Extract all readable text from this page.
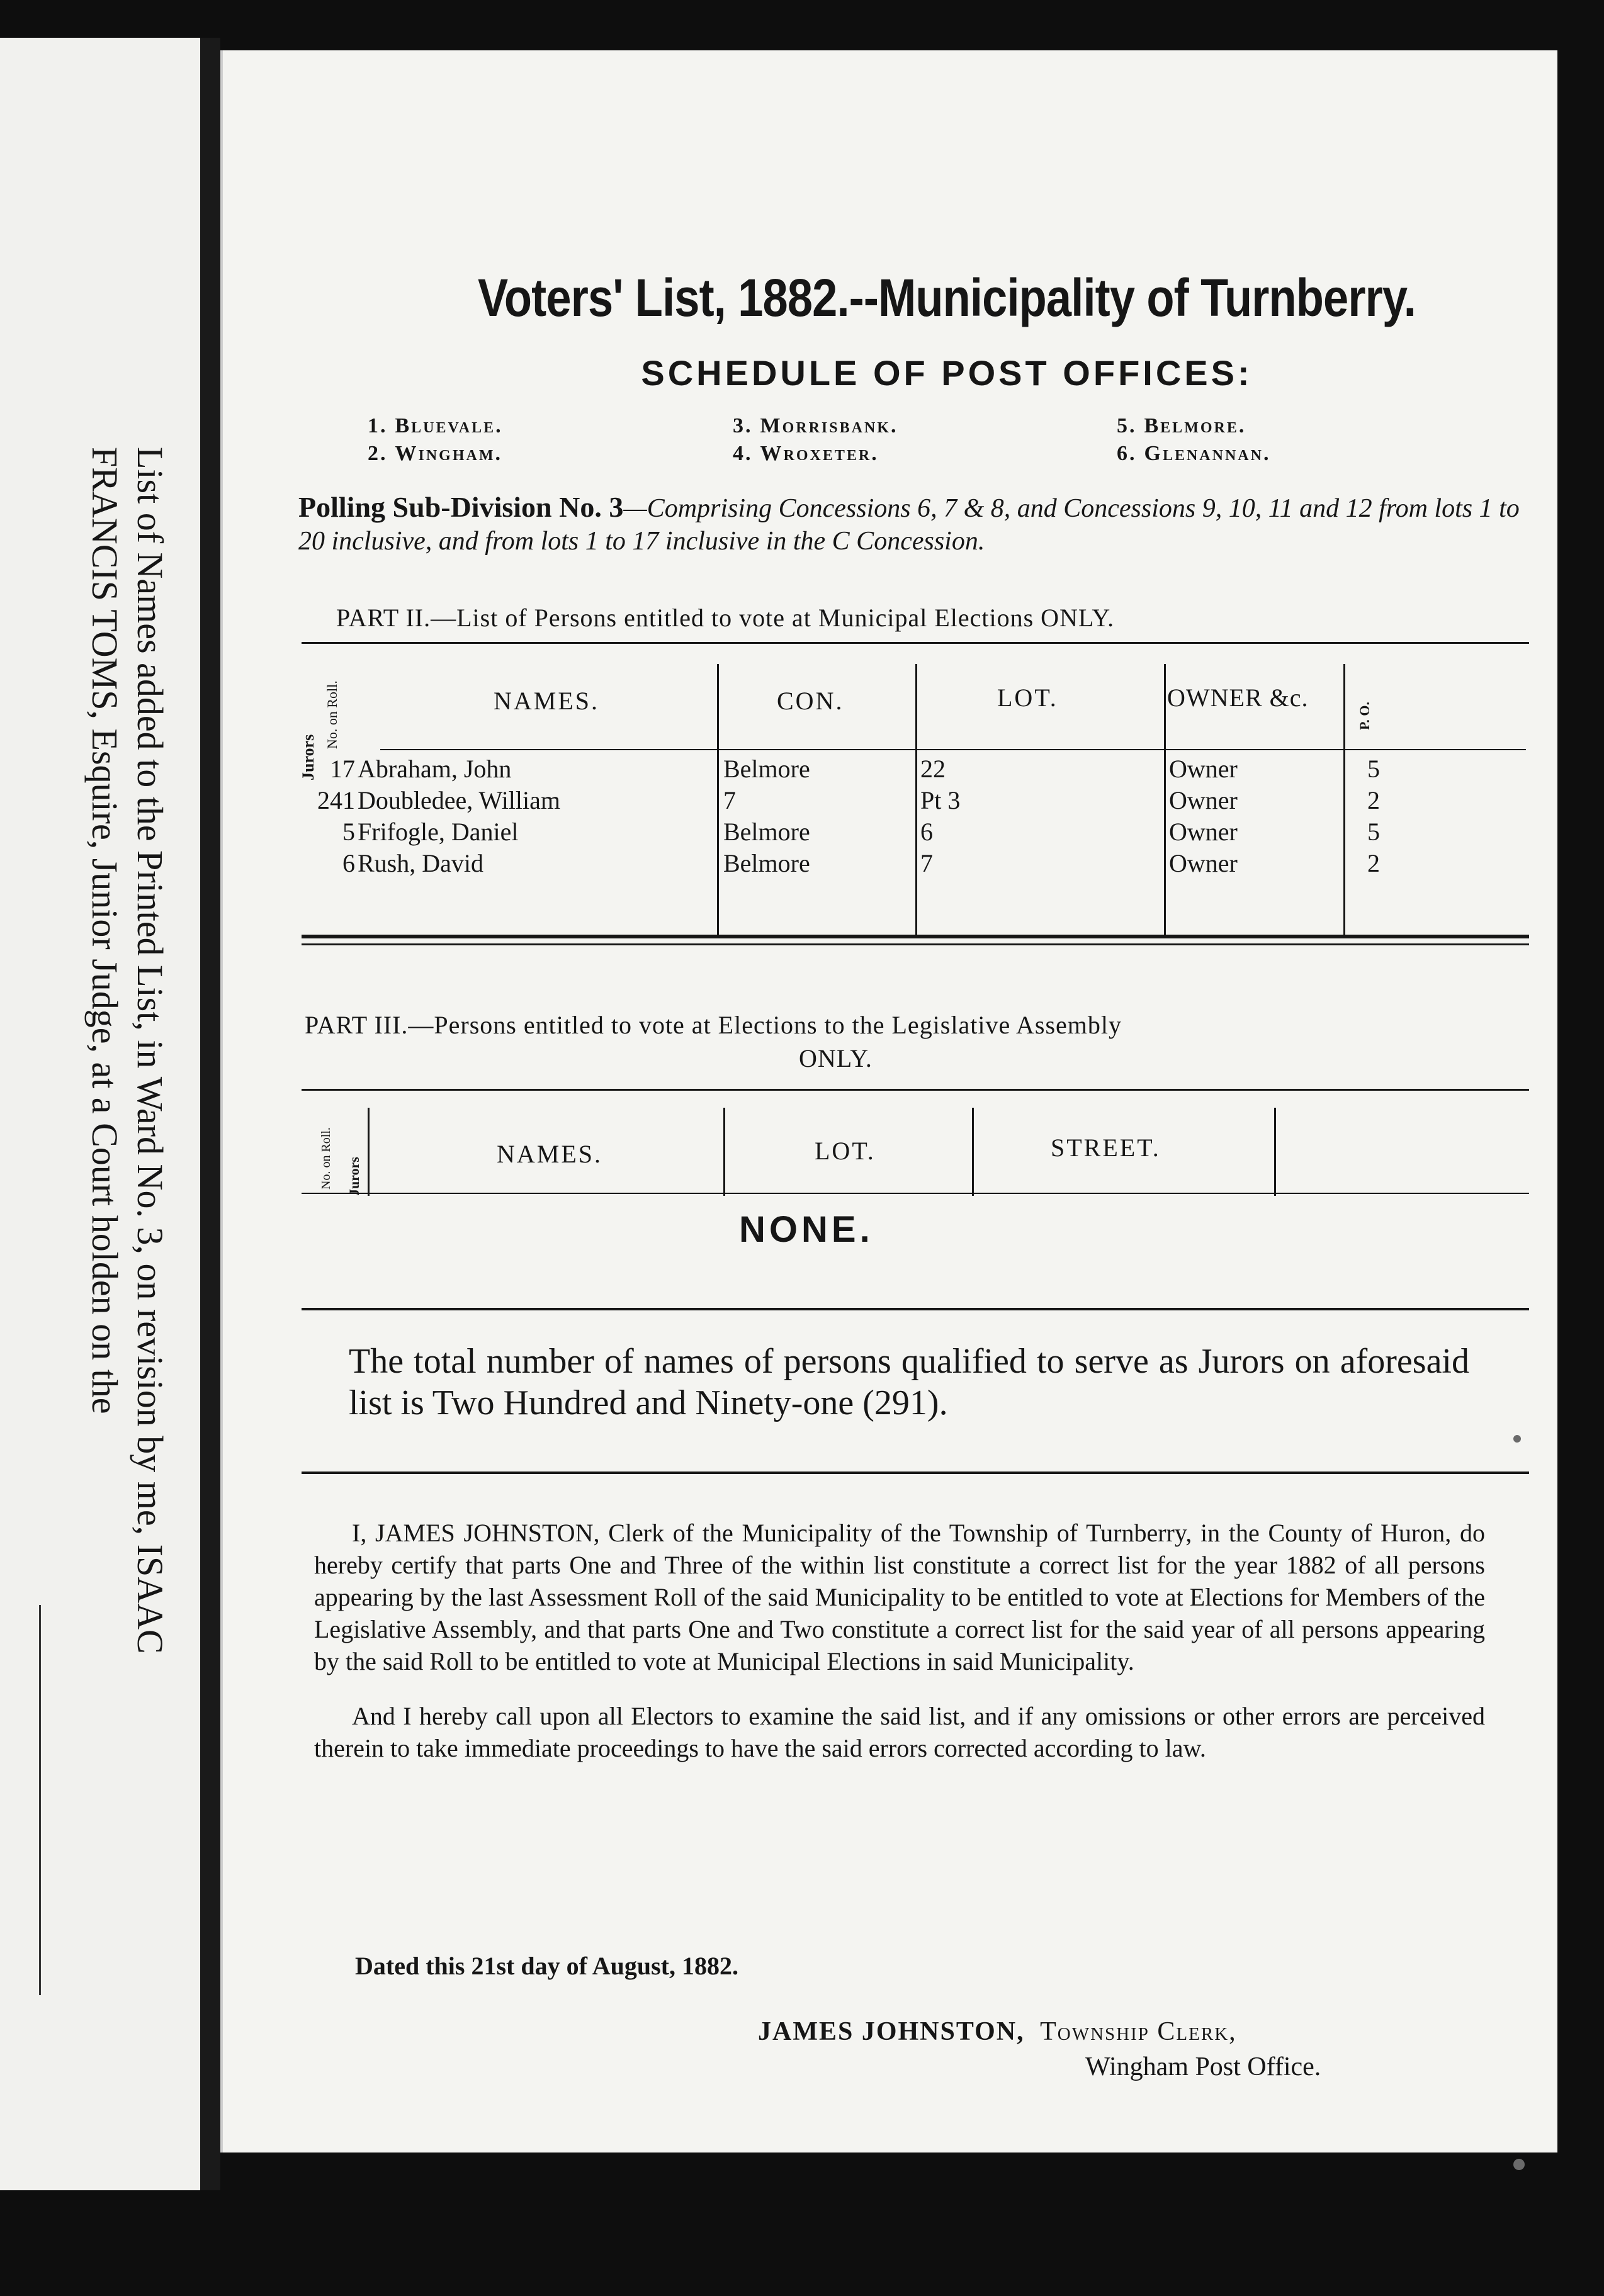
List of Names added to the Printed List, in Ward No. 3, on revision by me, ISAAC
FRANCIS TOMS, Esquire, Junior Judge, at a Court holden on the
Voters' List, 1882.--Municipality of Turnberry.
SCHEDULE OF POST OFFICES:
1. Bluevale.
2. Wingham.
3. Morrisbank.
4. Wroxeter.
5. Belmore.
6. Glenannan.
Polling Sub-Division No. 3—Comprising Concessions 6, 7 & 8, and Concessions 9, 10, 11 and 12 from lots 1 to 20 inclusive, and from lots 1 to 17 inclusive in the C Concession.
PART II.—List of Persons entitled to vote at Municipal Elections ONLY.
Jurors
No. on Roll.	NAMES.	CON.	LOT.	OWNER &c.
P. O.
17 Abraham, John	Belmore	22	Owner	5
241 Doubledee, William	7	Pt 3	Owner	2
5 Frifogle, Daniel	Belmore	6	Owner	5
6 Rush, David	Belmore	7	Owner	2
PART III.—Persons entitled to vote at Elections to the Legislative Assembly
ONLY.
No. on Roll. Jurors
NAMES.	LOT.	STREET.
NONE.
The total number of names of persons qualified to serve as Jurors on aforesaid list is Two Hundred and Ninety-one (291).

I, JAMES JOHNSTON, Clerk of the Municipality of the Township of Turnberry, in the County of Huron, do hereby certify that parts One and Three of the within list constitute a correct list for the year 1882 of all persons appearing by the last Assessment Roll of the said Municipality to be entitled to vote at Elections for Members of the Legislative Assembly, and that parts One and Two constitute a correct list for the said year of all persons appearing by the said Roll to be entitled to vote at Municipal Elections in said Municipality.

And I hereby call upon all Electors to examine the said list, and if any omissions or other errors are perceived therein to take immediate proceedings to have the said errors corrected according to law.

Dated this 21st day of August, 1882.
JAMES JOHNSTON, Township Clerk,
Wingham Post Office.
